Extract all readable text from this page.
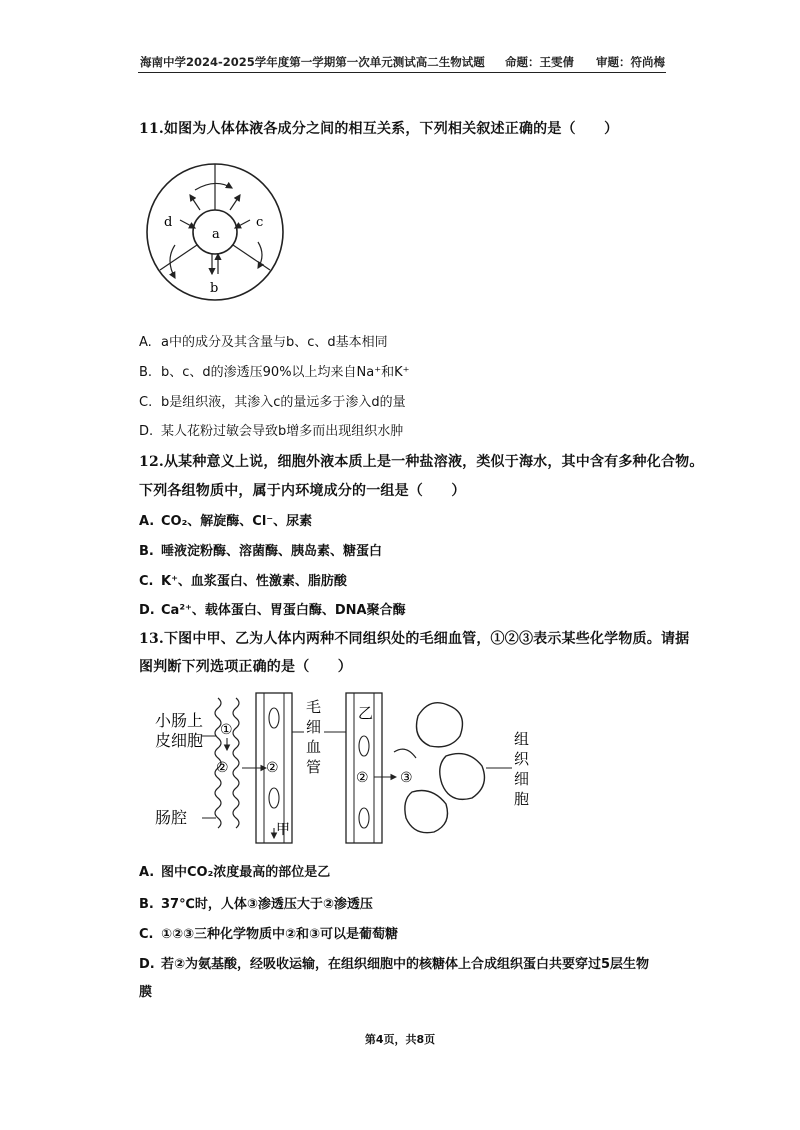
海南中学2024-2025学年度第一学期第一次单元测试高二生物试题	命题：王雯倩 审题：符尚梅
11.如图为人体体液各成分之间的相互关系，下列相关叙述正确的是（　　）
a
b
c
d
A. a中的成分及其含量与b、c、d基本相同
B. b、c、d的渗透压90%以上均来自Na⁺和K⁺
C. b是组织液，其渗入c的量远多于渗入d的量
D. 某人花粉过敏会导致b增多而出现组织水肿
12.从某种意义上说，细胞外液本质上是一种盐溶液，类似于海水，其中含有多种化合物。
下列各组物质中，属于内环境成分的一组是（　　）
A. CO₂、解旋酶、Cl⁻、尿素
B. 唾液淀粉酶、溶菌酶、胰岛素、糖蛋白
C. K⁺、血浆蛋白、性激素、脂肪酸
D. Ca²⁺、载体蛋白、胃蛋白酶、DNA聚合酶
13.下图中甲、乙为人体内两种不同组织处的毛细血管，①②③表示某些化学物质。请据
图判断下列选项正确的是（　　）
小肠上
皮细胞
肠腔
①
②	②
甲
毛
细
血
管
乙
② ③
组
织
细
胞
A. 图中CO₂浓度最高的部位是乙
B. 37℃时，人体③渗透压大于②渗透压
C. ①②③三种化学物质中②和③可以是葡萄糖
D. 若②为氨基酸，经吸收运输，在组织细胞中的核糖体上合成组织蛋白共要穿过5层生物
膜
第4页，共8页
